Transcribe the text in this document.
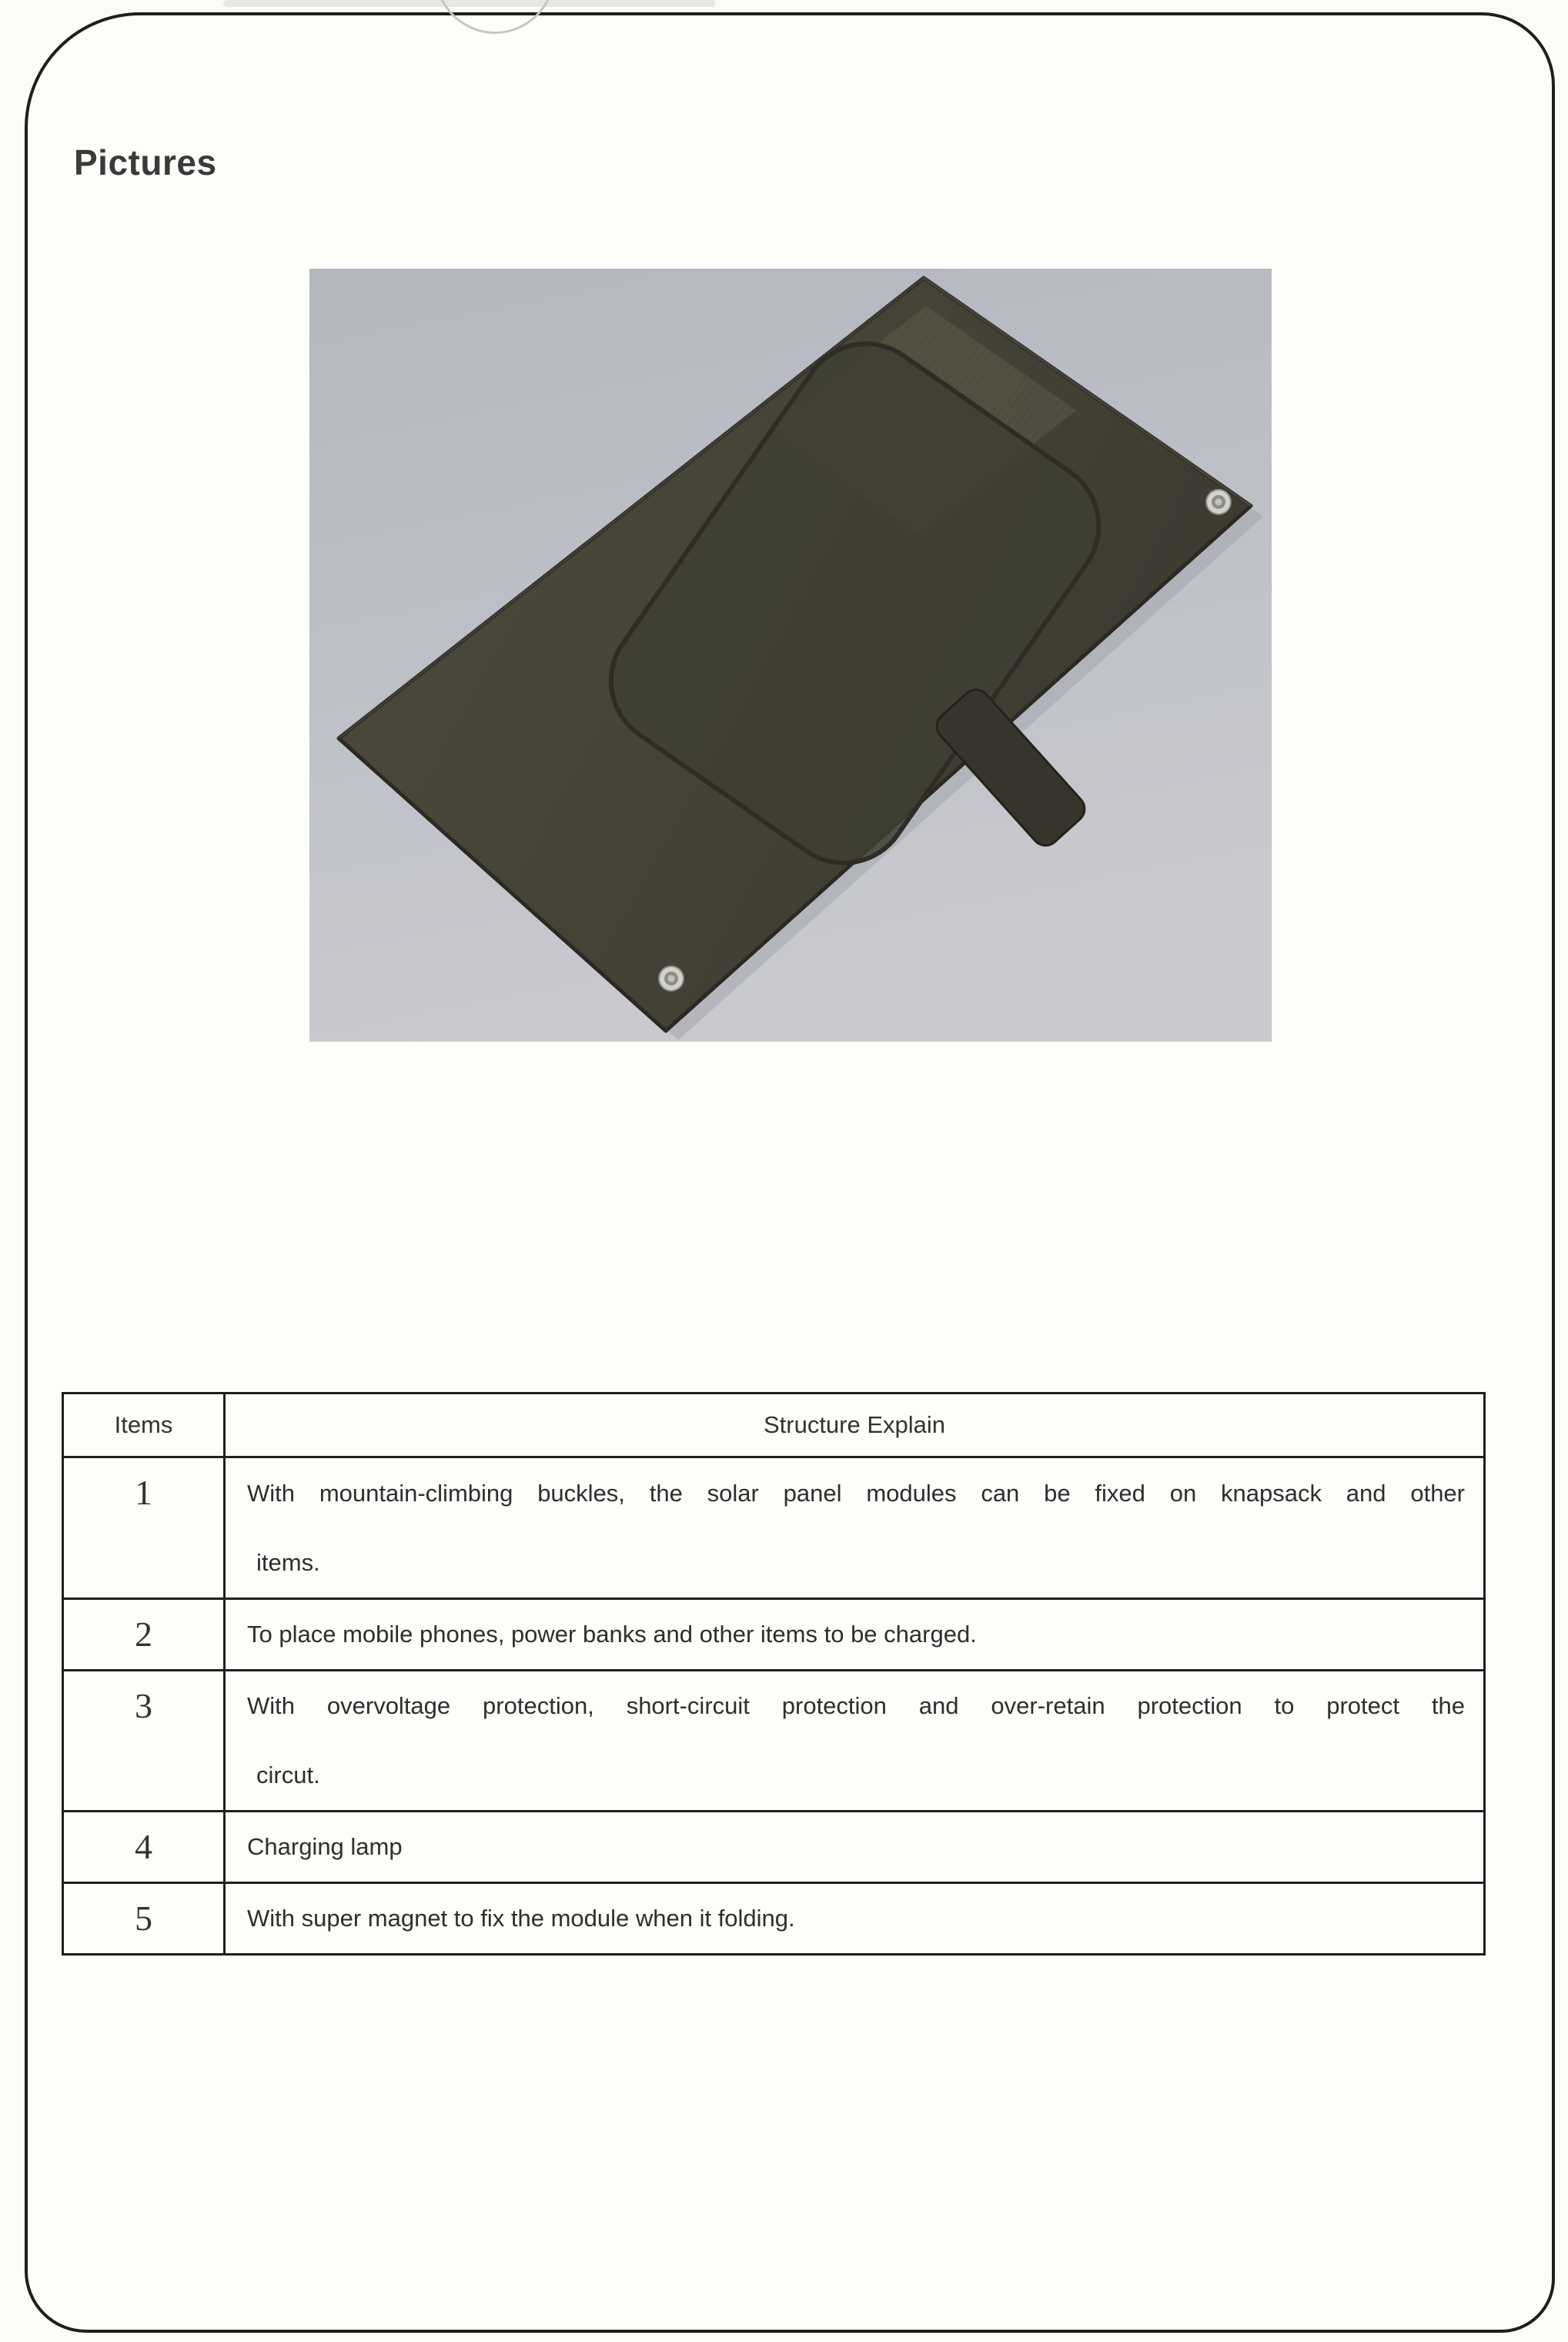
Pictures
Items	Structure Explain
1	With mountain-climbing buckles, the solar panel modules can be fixed on knapsack and other
items.

2	To place mobile phones, power banks and other items to be charged.

3	With overvoltage protection, short-circuit protection and over-retain protection to protect the
circut.

4	Charging lamp

5	With super magnet to fix the module when it folding.
